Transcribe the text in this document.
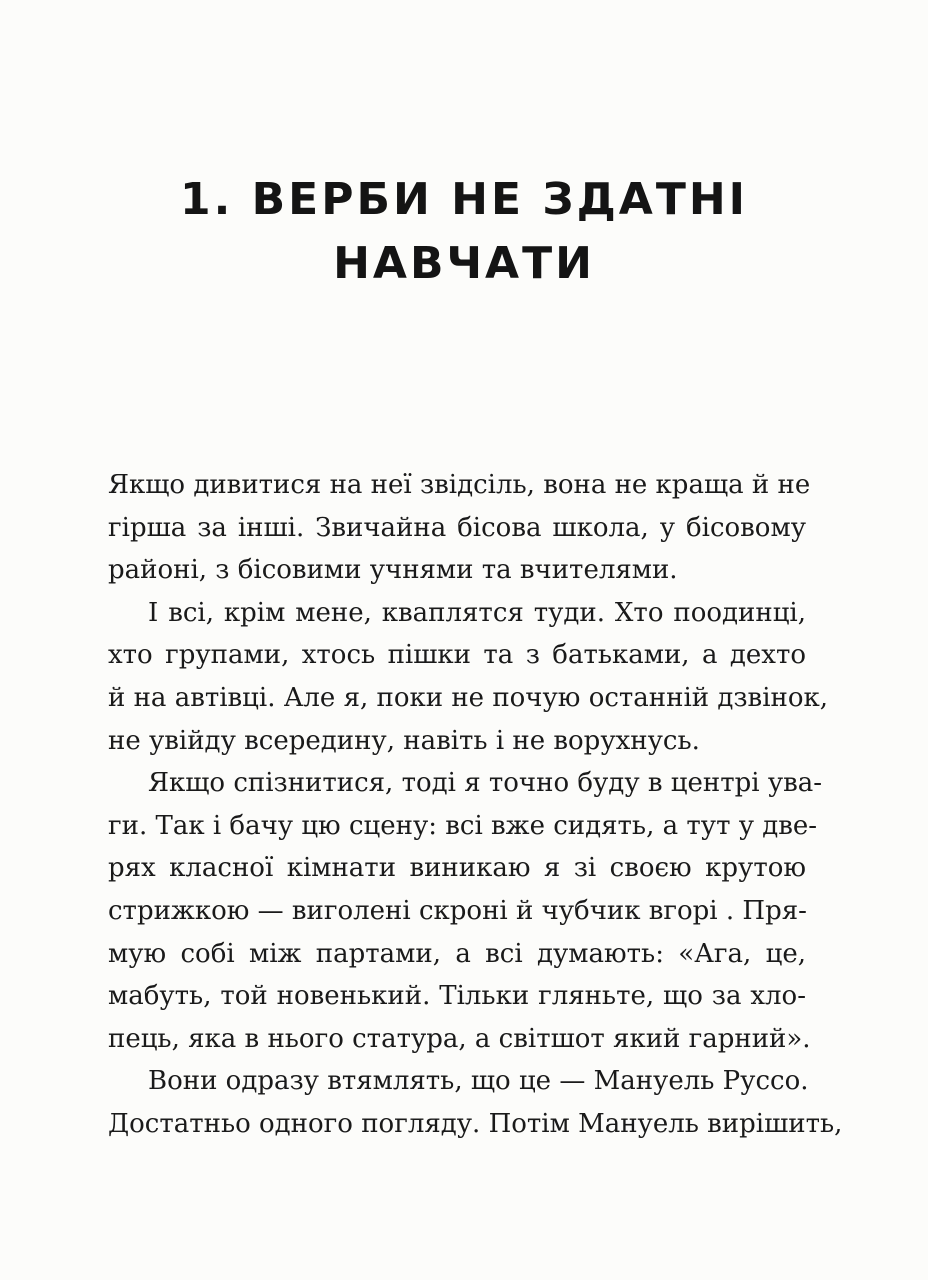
1. ВЕРБИ НЕ ЗДАТНІ
НАВЧАТИ
Якщо дивитися на неї звідсіль, вона не краща й не
гірша за інші. Звичайна бісова школа, у бісовому
районі, з бісовими учнями та вчителями.
І всі, крім мене, кваплятся туди. Хто поодинці,
хто групами, хтось пішки та з батьками, а дехто
й на автівці. Але я, поки не почую останній дзвінок,
не увійду всередину, навіть і не ворухнусь.
Якщо спізнитися, тоді я точно буду в центрі ува-
ги. Так і бачу цю сцену: всі вже сидять, а тут у две-
рях класної кімнати виникаю я зі своєю крутою
стрижкою — виголені скроні й чубчик вгорі . Пря-
мую собі між партами, а всі думають: «Ага, це,
мабуть, той новенький. Тільки гляньте, що за хло-
пець, яка в нього статура, а світшот який гарний».
Вони одразу втямлять, що це — Мануель Руссо.
Достатньо одного погляду. Потім Мануель вирішить,
